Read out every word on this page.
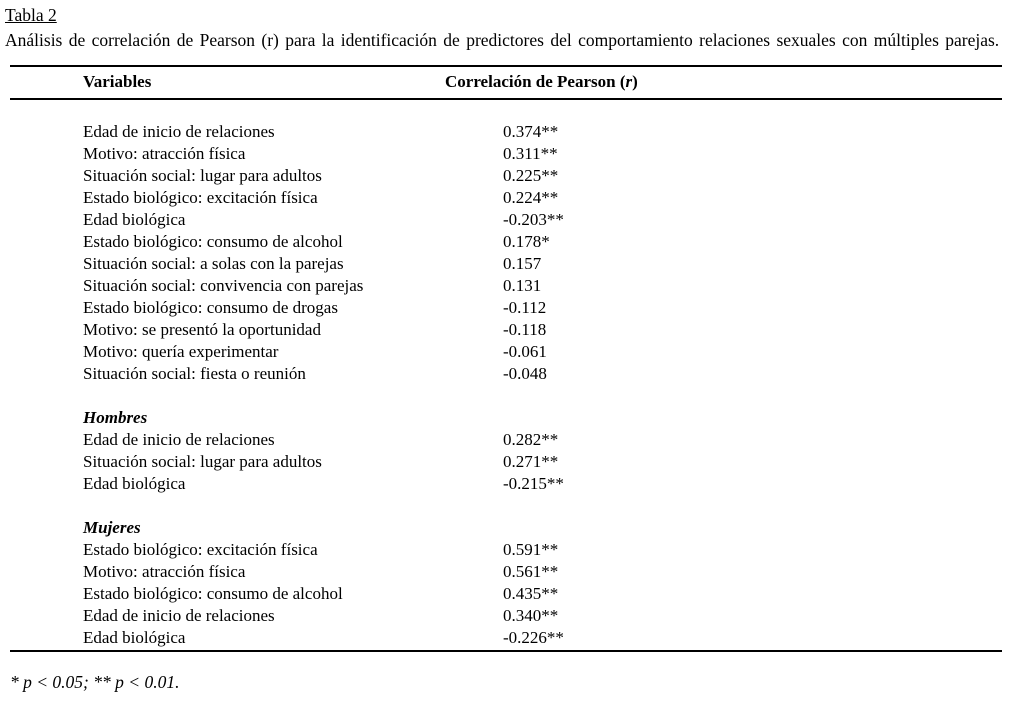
Tabla 2

Análisis de correlación de Pearson (r) para la identificación de predictores del comportamiento relaciones sexuales con múltiples parejas.

Variables	Correlación de Pearson (r)
Edad de inicio de relaciones	0.374**
Motivo: atracción física	0.311**
Situación social: lugar para adultos	0.225**
Estado biológico: excitación física	0.224**
Edad biológica	-0.203**
Estado biológico: consumo de alcohol	0.178*
Situación social: a solas con la parejas	0.157
Situación social: convivencia con parejas	0.131
Estado biológico: consumo de drogas	-0.112
Motivo: se presentó la oportunidad	-0.118
Motivo: quería experimentar	-0.061
Situación social: fiesta o reunión	-0.048
Hombres
Edad de inicio de relaciones	0.282**
Situación social: lugar para adultos	0.271**
Edad biológica	-0.215**
Mujeres
Estado biológico: excitación física	0.591**
Motivo: atracción física	0.561**
Estado biológico: consumo de alcohol	0.435**
Edad de inicio de relaciones	0.340**
Edad biológica	-0.226**

* p < 0.05; ** p < 0.01.
